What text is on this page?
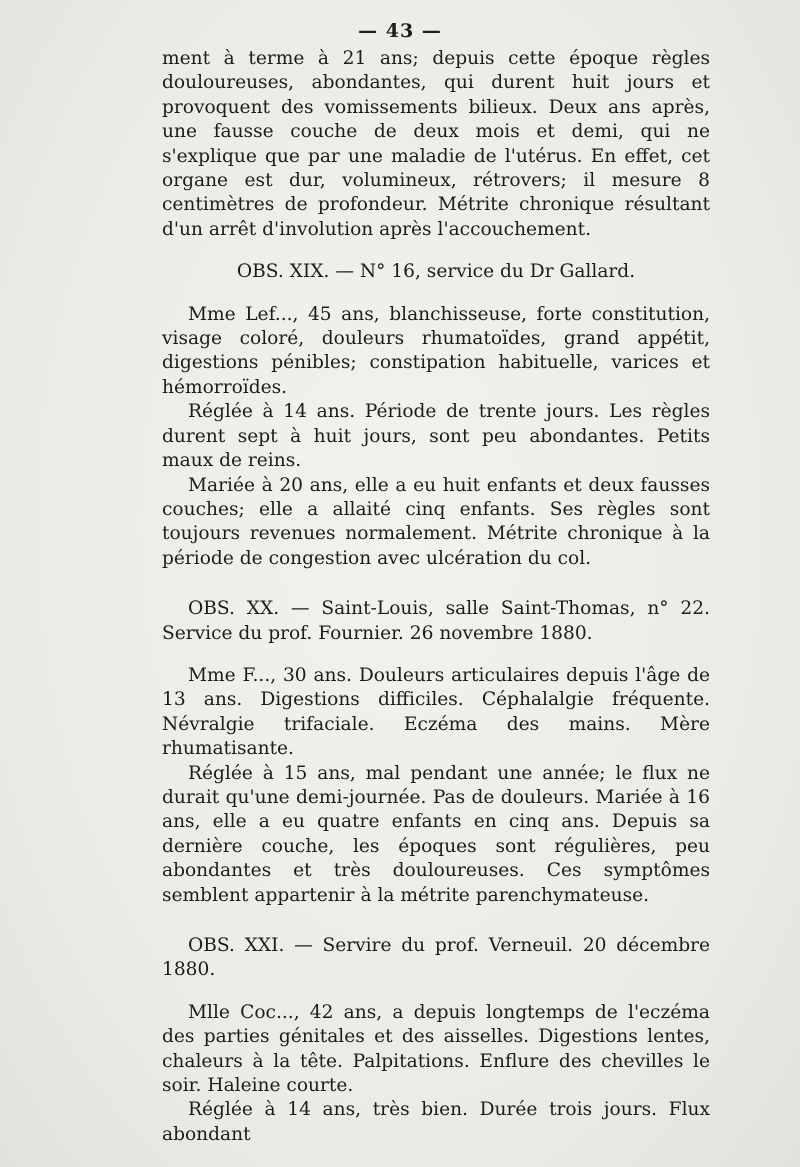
— 43 —

ment à terme à 21 ans; depuis cette époque règles douloureuses, abondantes, qui durent huit jours et provoquent des vomissements bilieux. Deux ans après, une fausse couche de deux mois et demi, qui ne s'explique que par une maladie de l'utérus. En effet, cet organe est dur, volumineux, rétrovers; il mesure 8 centimètres de profondeur. Métrite chronique résultant d'un arrêt d'involution après l'accouchement.

OBS. XIX. — N° 16, service du Dr Gallard.

Mme Lef..., 45 ans, blanchisseuse, forte constitution, visage coloré, douleurs rhumatoïdes, grand appétit, digestions pénibles; constipation habituelle, varices et hémorroïdes.

Réglée à 14 ans. Période de trente jours. Les règles durent sept à huit jours, sont peu abondantes. Petits maux de reins.

Mariée à 20 ans, elle a eu huit enfants et deux fausses couches; elle a allaité cinq enfants. Ses règles sont toujours revenues normalement. Métrite chronique à la période de congestion avec ulcération du col.

OBS. XX. — Saint-Louis, salle Saint-Thomas, n° 22. Service du prof. Fournier. 26 novembre 1880.

Mme F..., 30 ans. Douleurs articulaires depuis l'âge de 13 ans. Digestions difficiles. Céphalalgie fréquente. Névralgie trifaciale. Eczéma des mains. Mère rhumatisante.

Réglée à 15 ans, mal pendant une année; le flux ne durait qu'une demi-journée. Pas de douleurs. Mariée à 16 ans, elle a eu quatre enfants en cinq ans. Depuis sa dernière couche, les époques sont régulières, peu abondantes et très douloureuses. Ces symptômes semblent appartenir à la métrite parenchymateuse.

OBS. XXI. — Servire du prof. Verneuil. 20 décembre 1880.

Mlle Coc..., 42 ans, a depuis longtemps de l'eczéma des parties génitales et des aisselles. Digestions lentes, chaleurs à la tête. Palpitations. Enflure des chevilles le soir. Haleine courte.

Réglée à 14 ans, très bien. Durée trois jours. Flux abondant
